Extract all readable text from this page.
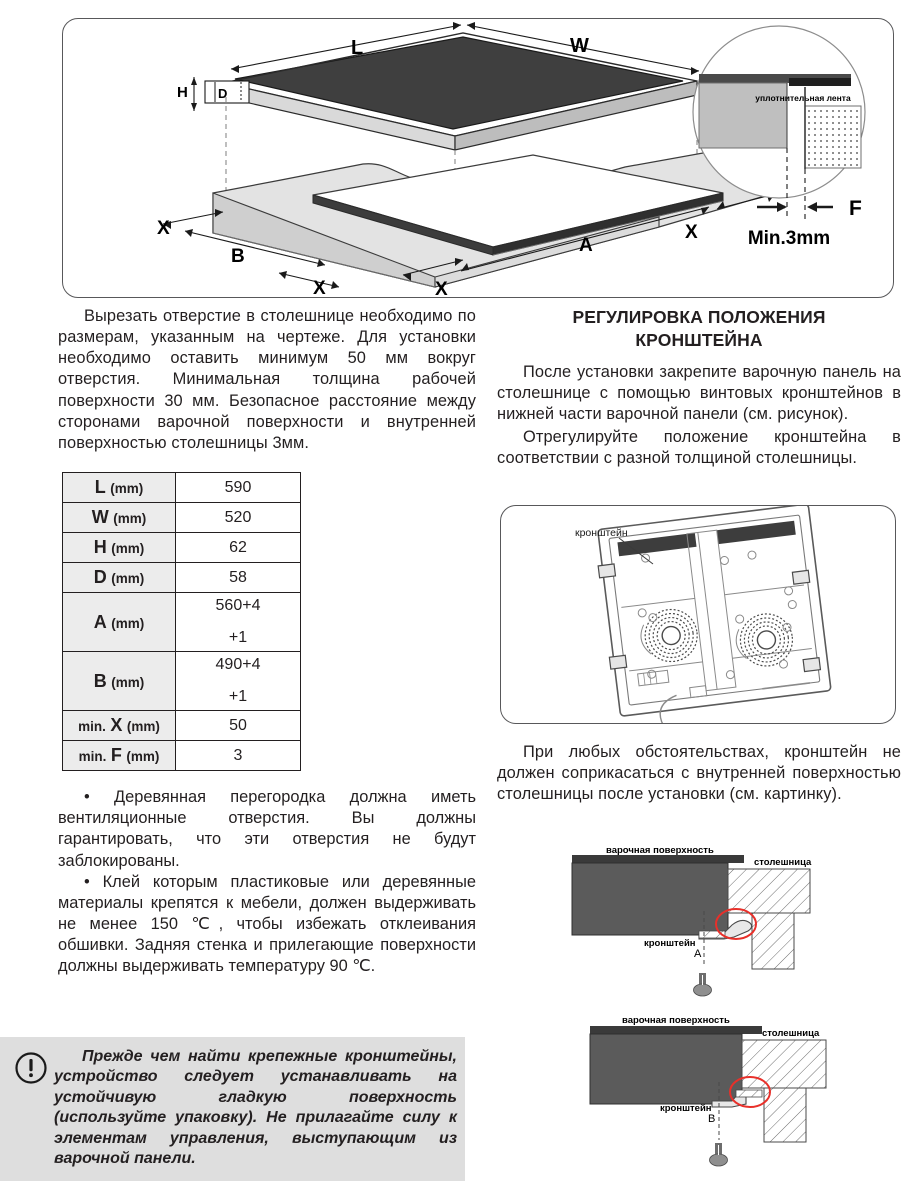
L	W
H D
X
B
X	X
A
X
уплотнительная лента
F
Min.3mm

Вырезать отверстие в столешнице необходимо по размерам, указанным на чертеже. Для установки необходимо оставить минимум 50 мм вокруг отверстия. Минимальная толщина рабочей поверхности 30 мм. Безопасное расстояние между сторонами варочной поверхности и внутренней поверхностью столешницы 3мм.

L (mm)	590
W (mm)	520
H (mm)	62
D (mm)	58
A (mm)	560+4
+1

B (mm)	490+4
+1

min. X (mm)	50
min. F (mm)	3

• Деревянная перегородка должна иметь вентиляционные отверстия. Вы должны гарантировать, что эти отверстия не будут заблокированы.

• Клей которым пластиковые или деревянные материалы крепятся к мебели, должен выдерживать не менее 150 ℃, чтобы избежать отклеивания обшивки. Задняя стенка и прилегающие поверхности должны выдерживать температуру 90 ℃.

Прежде чем найти крепежные кронштейны, устройство следует устанавливать на устойчивую гладкую поверхность (используйте упаковку). Не прилагайте силу к элементам управления, выступающим из варочной панели.
РЕГУЛИРОВКА ПОЛОЖЕНИЯ
КРОНШТЕЙНА

После установки закрепите варочную панель на столешнице с помощью винтовых кронштейнов в нижней части варочной панели (см. рисунок).

Отрегулируйте положение кронштейна в соответствии с разной толщиной столешницы.

кронштейн

При любых обстоятельствах, кронштейн не должен соприкасаться с внутренней поверхностью столешницы после установки (см. картинку).

варочная поверхность
столешница
кронштейн
A
варочная поверхность
столешница
кронштейн
B
